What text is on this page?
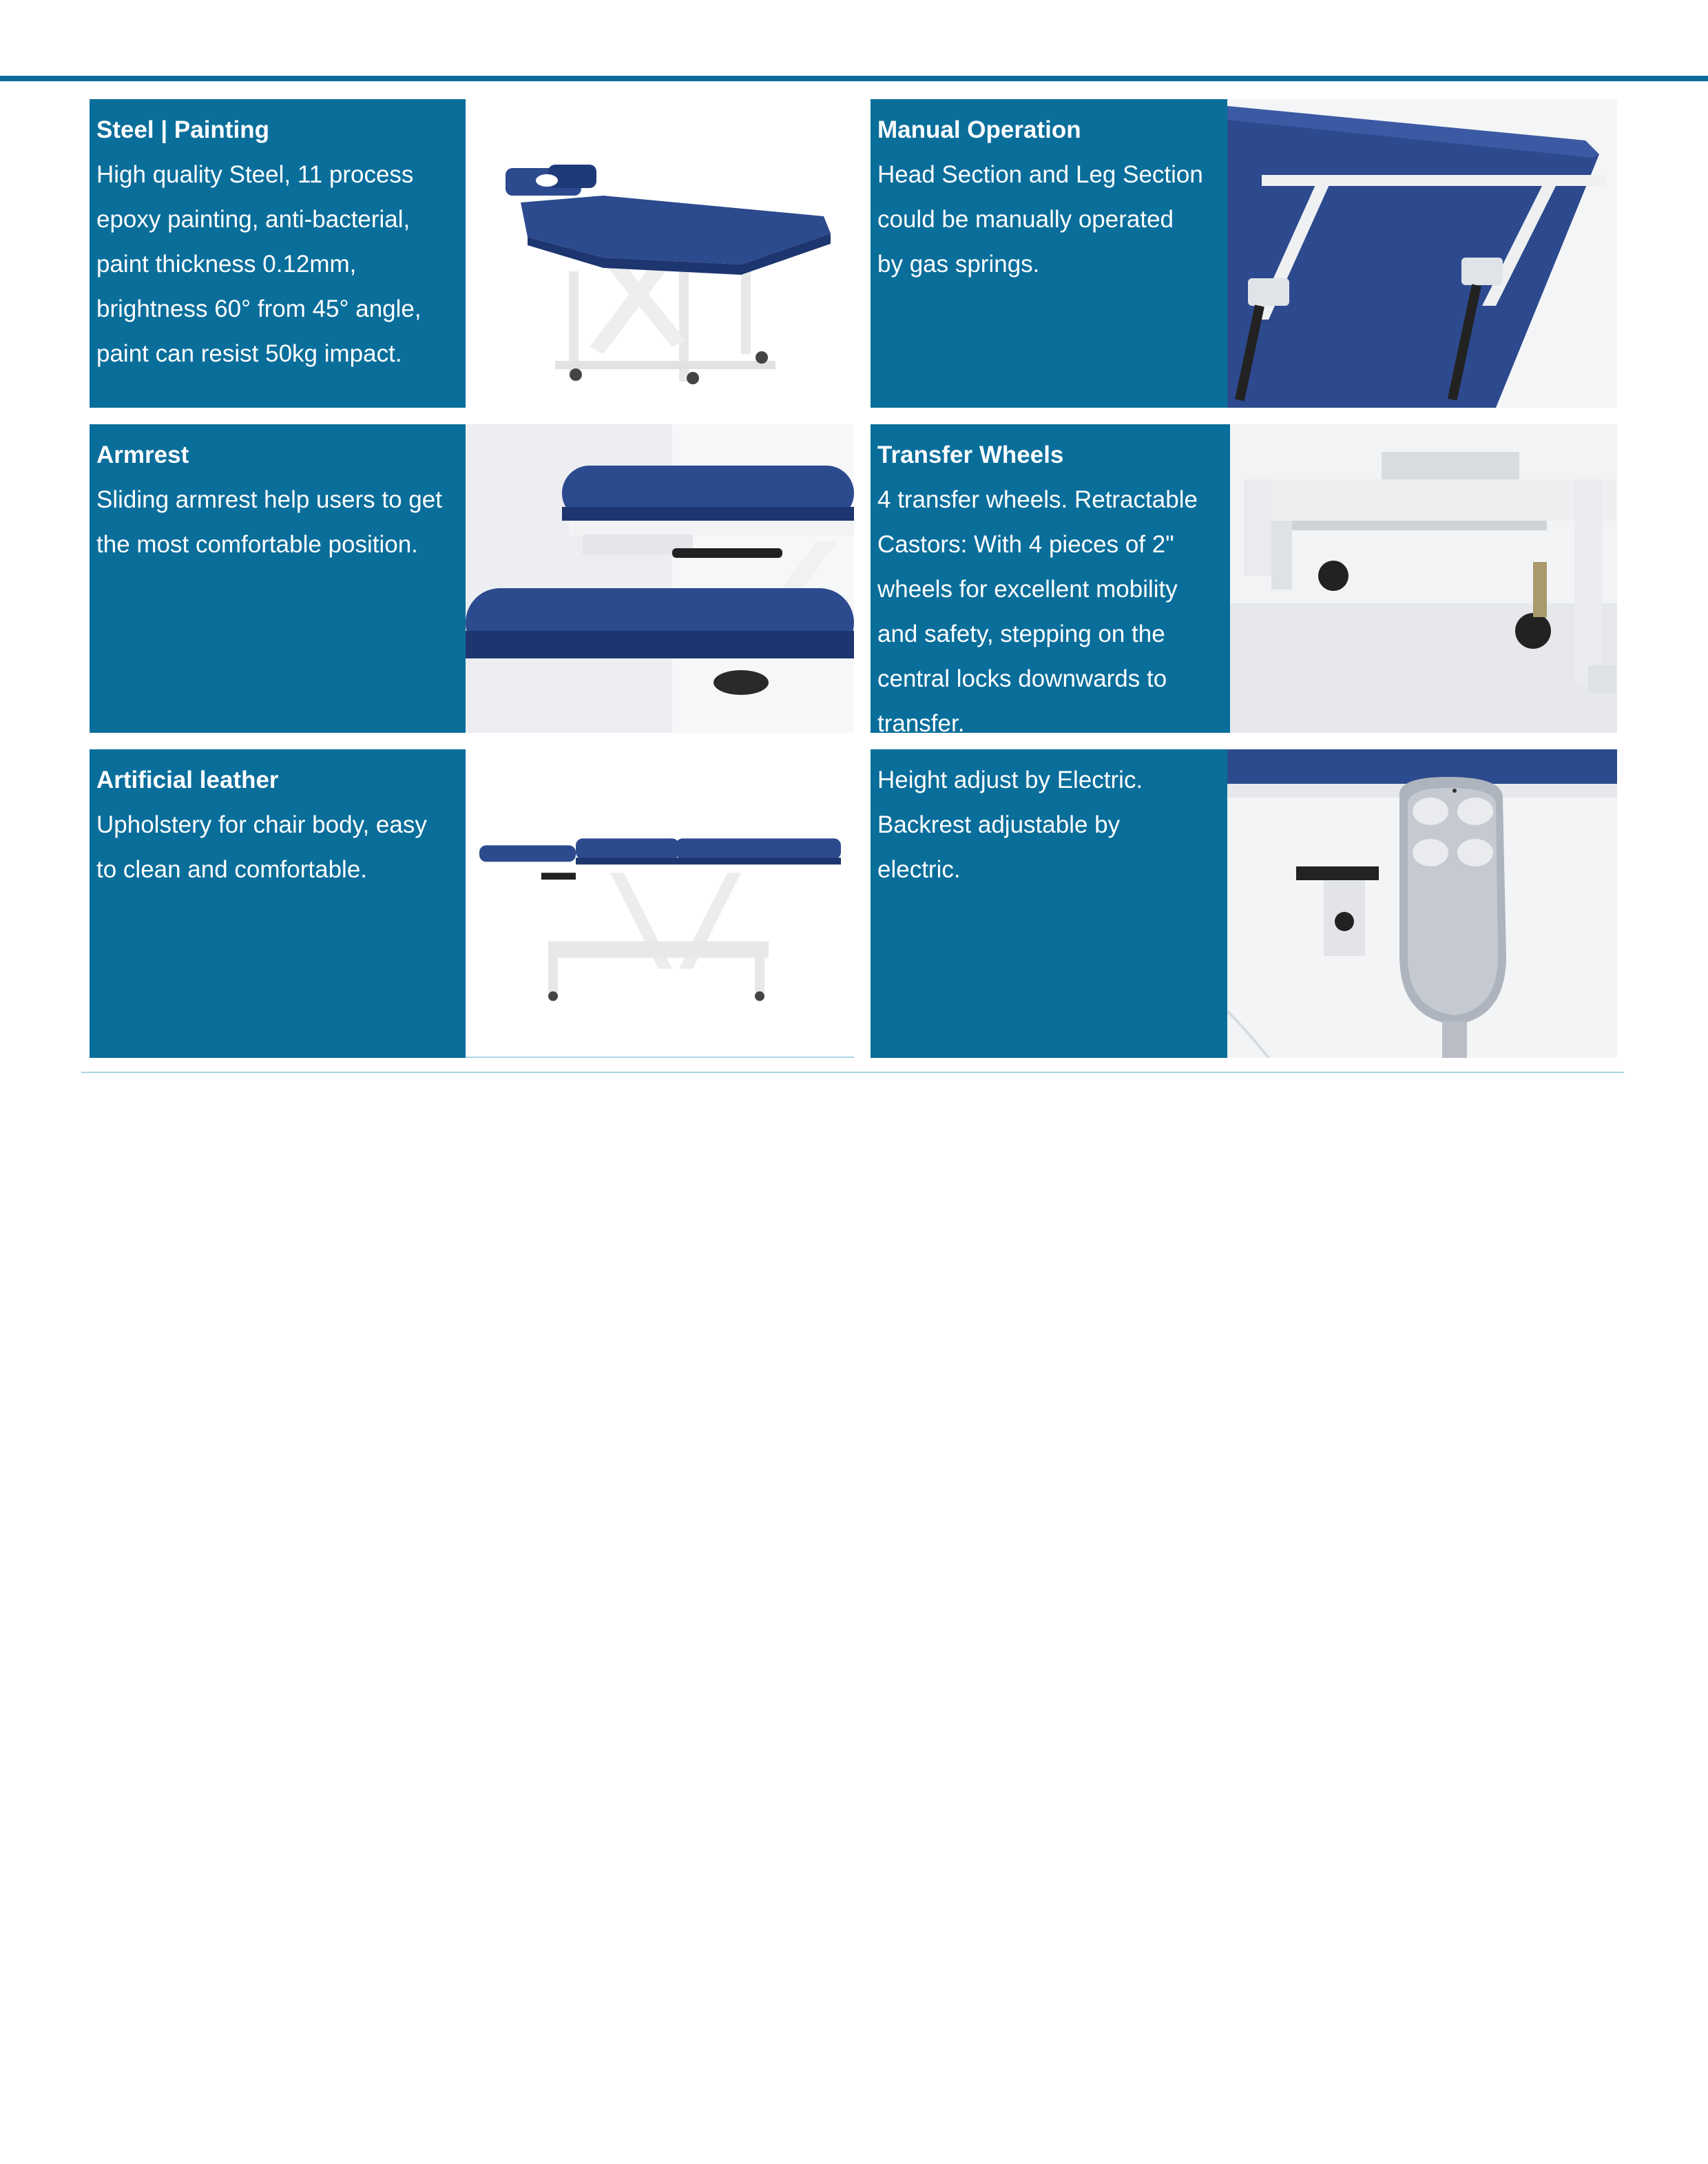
Steel | Painting
High quality Steel, 11 process
epoxy painting, anti-bacterial,
paint thickness 0.12mm,
brightness 60° from 45° angle,
paint can resist 50kg impact.
Manual Operation
Head Section and Leg Section
could be manually operated
by gas springs.
Armrest
Sliding armrest help users to get
the most comfortable position.
Transfer Wheels
4 transfer wheels. Retractable
Castors: With 4 pieces of 2"
wheels for excellent mobility
and safety, stepping on the
central locks downwards to
transfer.
Artificial leather
Upholstery for chair body, easy
to clean and comfortable.
Height adjust by Electric.
Backrest adjustable by
electric.
